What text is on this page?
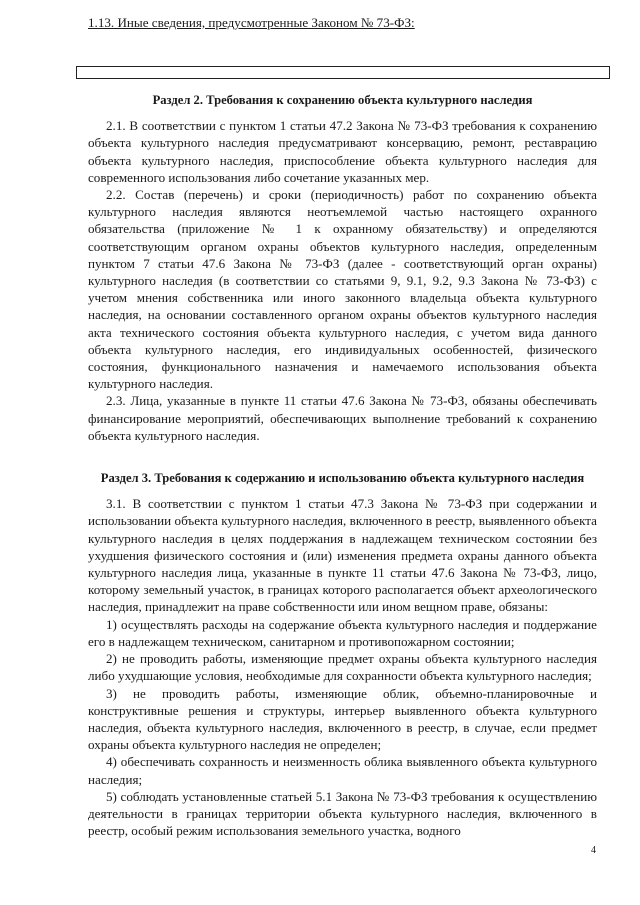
1.13. Иные сведения, предусмотренные Законом № 73-ФЗ:
Раздел 2. Требования к сохранению объекта культурного наследия

2.1. В соответствии с пунктом 1 статьи 47.2 Закона № 73-ФЗ требования к сохранению объекта культурного наследия предусматривают консервацию, ремонт, реставрацию объекта культурного наследия, приспособление объекта культурного наследия для современного использования либо сочетание указанных мер.

2.2. Состав (перечень) и сроки (периодичность) работ по сохранению объекта культурного наследия являются неотъемлемой частью настоящего охранного обязательства (приложение № 1 к охранному обязательству) и определяются соответствующим органом охраны объектов культурного наследия, определенным пунктом 7 статьи 47.6 Закона № 73-ФЗ (далее - соответствующий орган охраны) культурного наследия (в соответствии со статьями 9, 9.1, 9.2, 9.3 Закона № 73-ФЗ) с учетом мнения собственника или иного законного владельца объекта культурного наследия, на основании составленного органом охраны объектов культурного наследия акта технического состояния объекта культурного наследия, с учетом вида данного объекта культурного наследия, его индивидуальных особенностей, физического состояния, функционального назначения и намечаемого использования объекта культурного наследия.

2.3. Лица, указанные в пункте 11 статьи 47.6 Закона № 73-ФЗ, обязаны обеспечивать финансирование мероприятий, обеспечивающих выполнение требований к сохранению объекта культурного наследия.

Раздел 3. Требования к содержанию и использованию объекта культурного наследия

3.1. В соответствии с пунктом 1 статьи 47.3 Закона № 73-ФЗ при содержании и использовании объекта культурного наследия, включенного в реестр, выявленного объекта культурного наследия в целях поддержания в надлежащем техническом состоянии без ухудшения физического состояния и (или) изменения предмета охраны данного объекта культурного наследия лица, указанные в пункте 11 статьи 47.6 Закона № 73-ФЗ, лицо, которому земельный участок, в границах которого располагается объект археологического наследия, принадлежит на праве собственности или ином вещном праве, обязаны:

1) осуществлять расходы на содержание объекта культурного наследия и поддержание его в надлежащем техническом, санитарном и противопожарном состоянии;

2) не проводить работы, изменяющие предмет охраны объекта культурного наследия либо ухудшающие условия, необходимые для сохранности объекта культурного наследия;

3) не проводить работы, изменяющие облик, объемно-планировочные и конструктивные решения и структуры, интерьер выявленного объекта культурного наследия, объекта культурного наследия, включенного в реестр, в случае, если предмет охраны объекта культурного наследия не определен;

4) обеспечивать сохранность и неизменность облика выявленного объекта культурного наследия;

5) соблюдать установленные статьей 5.1 Закона № 73-ФЗ требования к осуществлению деятельности в границах территории объекта культурного наследия, включенного в реестр, особый режим использования земельного участка, водного

4
